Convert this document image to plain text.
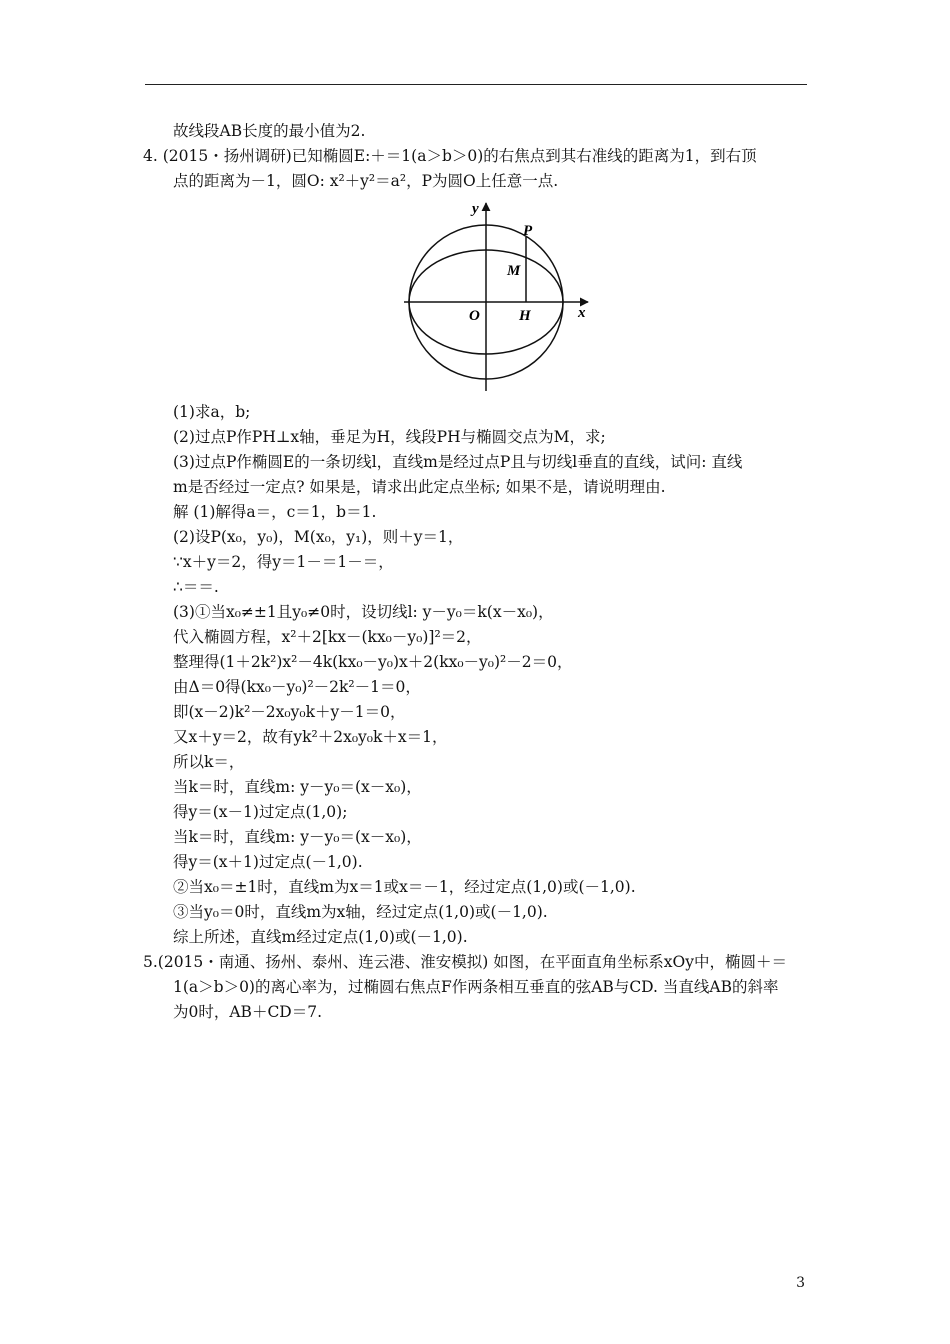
故线段AB长度的最小值为2.
4. (2015・扬州调研)已知椭圆E:＋＝1(a＞b＞0)的右焦点到其右准线的距离为1，到右顶
点的距离为－1，圆O: x²＋y²＝a²，P为圆O上任意一点.
y
x
P
M
O	H
(1)求a，b;
(2)过点P作PH⊥x轴，垂足为H，线段PH与椭圆交点为M，求;
(3)过点P作椭圆E的一条切线l，直线m是经过点P且与切线l垂直的直线，试问: 直线
m是否经过一定点? 如果是，请求出此定点坐标; 如果不是，请说明理由.
解 (1)解得a＝，c＝1，b＝1.
(2)设P(x₀，y₀)，M(x₀，y₁)，则＋y＝1，
∵x＋y＝2，得y＝1－＝1－＝，
∴＝＝.
(3)①当x₀≠±1且y₀≠0时，设切线l: y－y₀＝k(x－x₀)，
代入椭圆方程，x²＋2[kx－(kx₀－y₀)]²＝2，
整理得(1＋2k²)x²－4k(kx₀－y₀)x＋2(kx₀－y₀)²－2＝0，
由Δ＝0得(kx₀－y₀)²－2k²－1＝0，
即(x－2)k²－2x₀y₀k＋y－1＝0，
又x＋y＝2，故有yk²＋2x₀y₀k＋x＝1，
所以k＝，
当k＝时，直线m: y－y₀＝(x－x₀)，
得y＝(x－1)过定点(1,0);
当k＝时，直线m: y－y₀＝(x－x₀)，
得y＝(x＋1)过定点(－1,0).
②当x₀＝±1时，直线m为x＝1或x＝－1，经过定点(1,0)或(－1,0).
③当y₀＝0时，直线m为x轴，经过定点(1,0)或(－1,0).
综上所述，直线m经过定点(1,0)或(－1,0).
5.(2015・南通、扬州、泰州、连云港、淮安模拟) 如图，在平面直角坐标系xOy中，椭圆＋＝
1(a＞b＞0)的离心率为，过椭圆右焦点F作两条相互垂直的弦AB与CD. 当直线AB的斜率
为0时，AB＋CD＝7.
3
